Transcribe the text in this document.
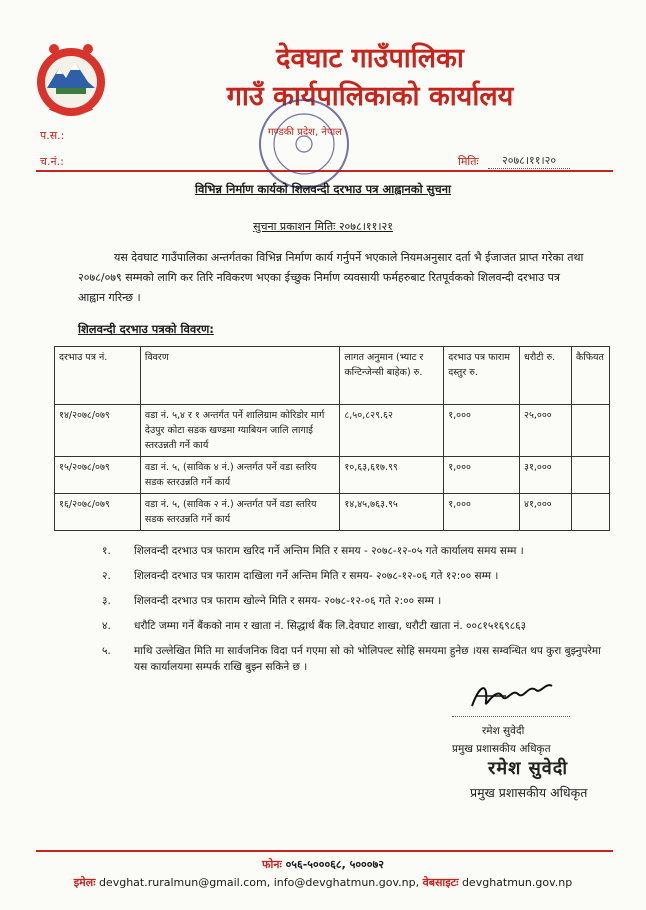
देवघाट गाउँपालिका
गाउँ कार्यपालिकाको कार्यालय
गण्डकी प्रदेश, नेपाल
प.स.:
च.नं.:	मितिः	२०७८।११।२०
विभिन्न निर्माण कार्यको शिलवन्दी दरभाउ पत्र आह्वानको सुचना
सुचना प्रकाशन मितिः २०७८।११।२१
यस देवघाट गाउँपालिका अन्तर्गतका विभिन्न निर्माण कार्य गर्नुपर्ने भएकाले नियमअनुसार दर्ता भै ईजाजत प्राप्त गरेका तथा २०७८/०७९ सम्मको लागि कर तिरि नविकरण भएका ईच्छुक निर्माण व्यवसायी फर्महरुबाट रितपूर्वकको शिलवन्दी दरभाउ पत्र आह्वान गरिन्छ ।
शिलवन्दी दरभाउ पत्रको विवरण:
दरभाउ पत्र नं.	विवरण	लागत अनुमान (भ्याट र कन्टिन्जेन्सी बाहेक) रु.	दरभाउ पत्र फाराम दस्तुर रु.	धरौटी रु.	कैफियत
१४/२०७८/०७९	वडा नं. ५,४ र १ अन्तर्गत पर्ने शालिग्राम कोरिडोर मार्ग देउपुर कोटा सडक खण्डमा ग्याबियन जालि लागाई स्तरउन्नती गर्ने कार्य	८,५०,८२९.६२	१,०००	२५,०००	
१५/२०७८/०७९	वडा नं. ५, (साविक ४ नं.) अन्तर्गत पर्ने वडा स्तरिय सडक स्तरउन्नति गर्ने कार्य	१०,६३,६१७.९९	१,०००	३१,०००	
१६/२०७८/०७९	वडा नं. ५, (साविक २ नं.) अन्तर्गत पर्ने वडा स्तरिय सडक स्तरउन्नति गर्ने कार्य	१४,४५,७६३.९५	१,०००	४१,०००	
१. शिलवन्दी दरभाउ पत्र फाराम खरिद गर्ने अन्तिम मिति र समय - २०७८-१२-०५ गते कार्यालय समय सम्म ।
२. शिलवन्दी दरभाउ पत्र फाराम दाखिला गर्ने अन्तिम मिति र समय- २०७८-१२-०६ गते १२:०० सम्म ।
३. शिलवन्दी दरभाउ पत्र फाराम खोल्ने मिति र समय- २०७८-१२-०६ गते २:०० सम्म ।
४. धरौटि जम्मा गर्ने बैंकको नाम र खाता नं. सिद्धार्थ बैंक लि.देवघाट शाखा, धरौटी खाता नं. ००८१५१६९८६३
५. माथि उल्लेखित मिति मा सार्वजनिक विदा पर्न गएमा सो को भोलिपल्ट सोहि समयमा हुनेछ ।यस सम्वन्धित थप कुरा बुझ्नुपरेमा यस कार्यालयमा सम्पर्क राखि बुझ्न सकिने छ ।
रमेश सुवेदी
प्रमुख प्रशासकीय अधिकृत
रमेश सुवेदी
प्रमुख प्रशासकीय अधिकृत
फोनः ०५६-५०००६८, ५०००७२
इमेलः devghat.ruralmun@gmail.com, info@devghatmun.gov.np, वेबसाइटः devghatmun.gov.np
